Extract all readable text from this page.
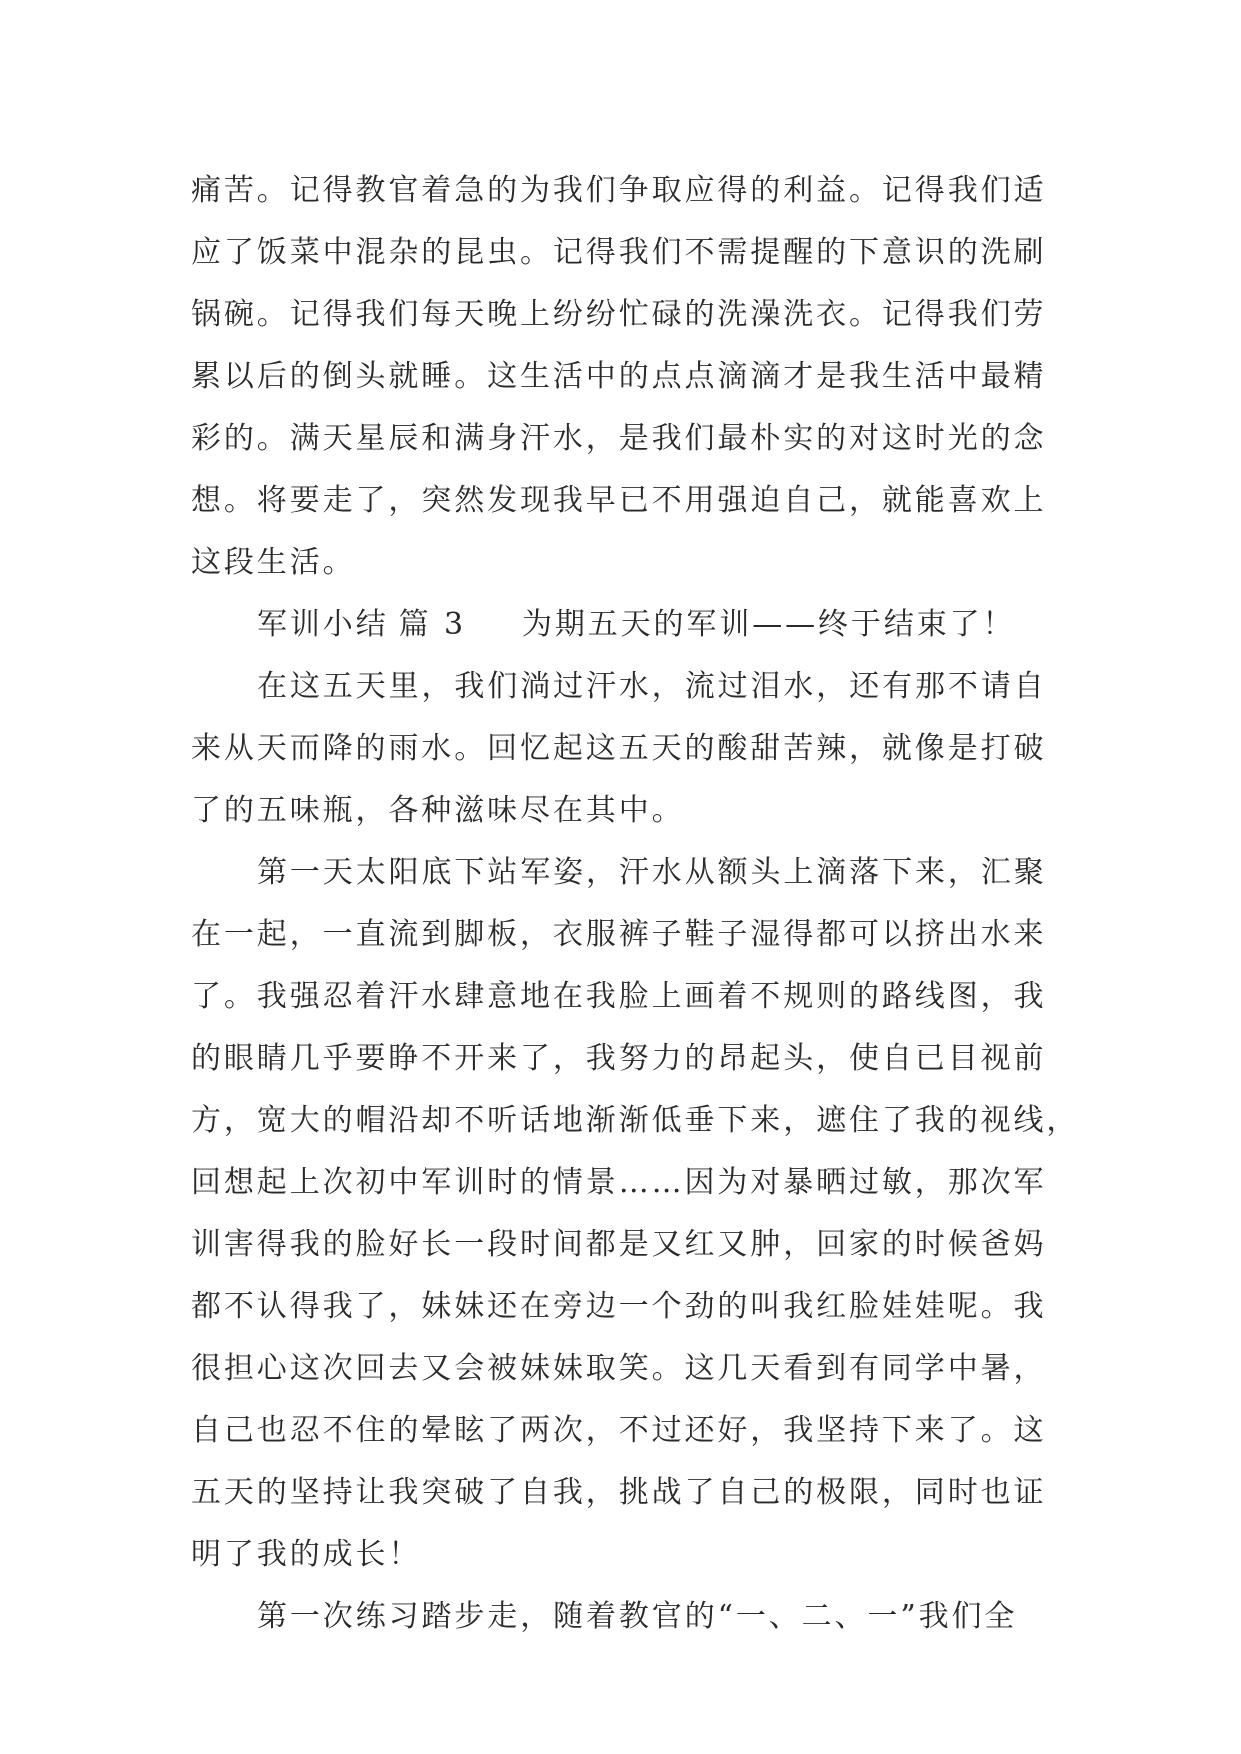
痛苦。记得教官着急的为我们争取应得的利益。记得我们适
应了饭菜中混杂的昆虫。记得我们不需提醒的下意识的洗刷
锅碗。记得我们每天晚上纷纷忙碌的洗澡洗衣。记得我们劳
累以后的倒头就睡。这生活中的点点滴滴才是我生活中最精
彩的。满天星辰和满身汗水，是我们最朴实的对这时光的念
想。将要走了，突然发现我早已不用强迫自己，就能喜欢上
这段生活。
军训小结 篇 3 为期五天的军训——终于结束了！
在这五天里，我们淌过汗水，流过泪水，还有那不请自
来从天而降的雨水。回忆起这五天的酸甜苦辣，就像是打破
了的五味瓶，各种滋味尽在其中。
第一天太阳底下站军姿，汗水从额头上滴落下来，汇聚
在一起，一直流到脚板，衣服裤子鞋子湿得都可以挤出水来
了。我强忍着汗水肆意地在我脸上画着不规则的路线图，我
的眼睛几乎要睁不开来了，我努力的昂起头，使自已目视前
方，宽大的帽沿却不听话地渐渐低垂下来，遮住了我的视线，
回想起上次初中军训时的情景……因为对暴晒过敏，那次军
训害得我的脸好长一段时间都是又红又肿，回家的时候爸妈
都不认得我了，妹妹还在旁边一个劲的叫我红脸娃娃呢。我
很担心这次回去又会被妹妹取笑。这几天看到有同学中暑，
自己也忍不住的晕眩了两次，不过还好，我坚持下来了。这
五天的坚持让我突破了自我，挑战了自己的极限，同时也证
明了我的成长！
第一次练习踏步走，随着教官的“一、二、一”我们全
